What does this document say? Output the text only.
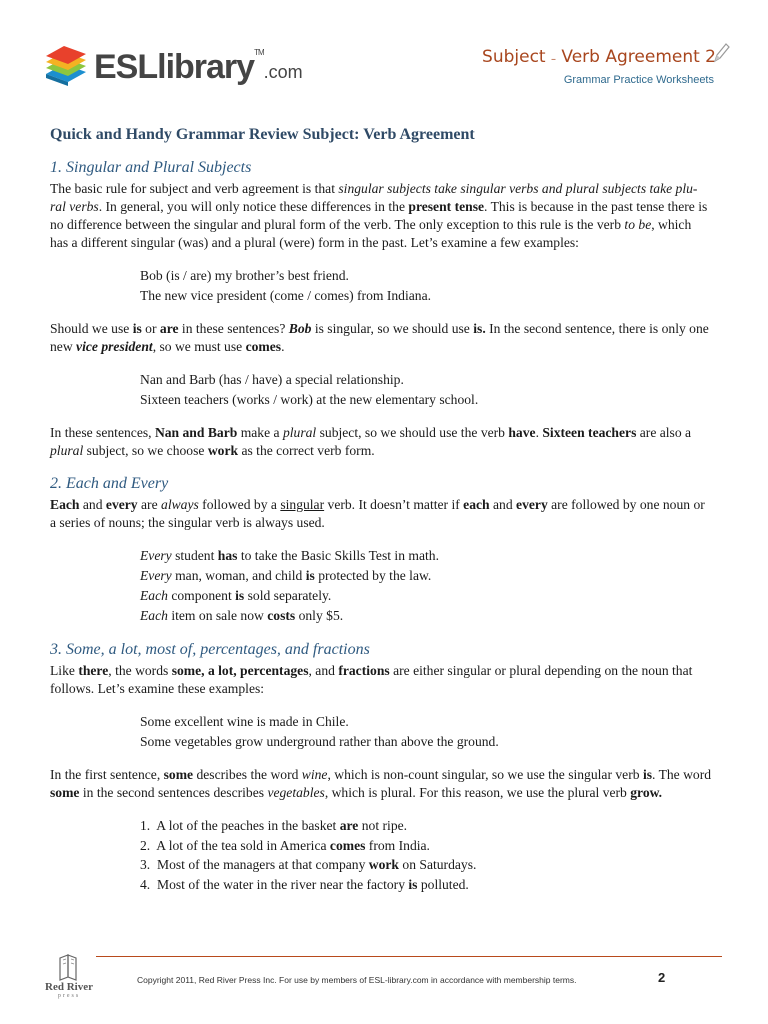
ESLlibrary™.com
Subject – Verb Agreement 2
Grammar Practice Worksheets
Quick and Handy Grammar Review Subject: Verb Agreement
1. Singular and Plural Subjects

The basic rule for subject and verb agreement is that singular subjects take singular verbs and plural subjects take plu-ral verbs. In general, you will only notice these differences in the present tense. This is because in the past tense there is no difference between the singular and plural form of the verb. The only exception to this rule is the verb to be, which has a different singular (was) and a plural (were) form in the past. Let’s examine a few examples:

Bob (is / are) my brother’s best friend.
The new vice president (come / comes) from Indiana.

Should we use is or are in these sentences? Bob is singular, so we should use is. In the second sentence, there is only one new vice president, so we must use comes.

Nan and Barb (has / have) a special relationship.
Sixteen teachers (works / work) at the new elementary school.

In these sentences, Nan and Barb make a plural subject, so we should use the verb have. Sixteen teachers are also a plural subject, so we choose work as the correct verb form.

2. Each and Every

Each and every are always followed by a singular verb. It doesn’t matter if each and every are followed by one noun or a series of nouns; the singular verb is always used.

Every student has to take the Basic Skills Test in math.
Every man, woman, and child is protected by the law.
Each component is sold separately.
Each item on sale now costs only $5.
3. Some, a lot, most of, percentages, and fractions

Like there, the words some, a lot, percentages, and fractions are either singular or plural depending on the noun that follows. Let’s examine these examples:

Some excellent wine is made in Chile.
Some vegetables grow underground rather than above the ground.

In the first sentence, some describes the word wine, which is non-count singular, so we use the singular verb is. The word some in the second sentences describes vegetables, which is plural. For this reason, we use the plural verb grow.

1. A lot of the peaches in the basket are not ripe.
2. A lot of the tea sold in America comes from India.
3. Most of the managers at that company work on Saturdays.
4. Most of the water in the river near the factory is polluted.
Red River
press
Copyright 2011, Red River Press Inc. For use by members of ESL-library.com in accordance with membership terms.	2
